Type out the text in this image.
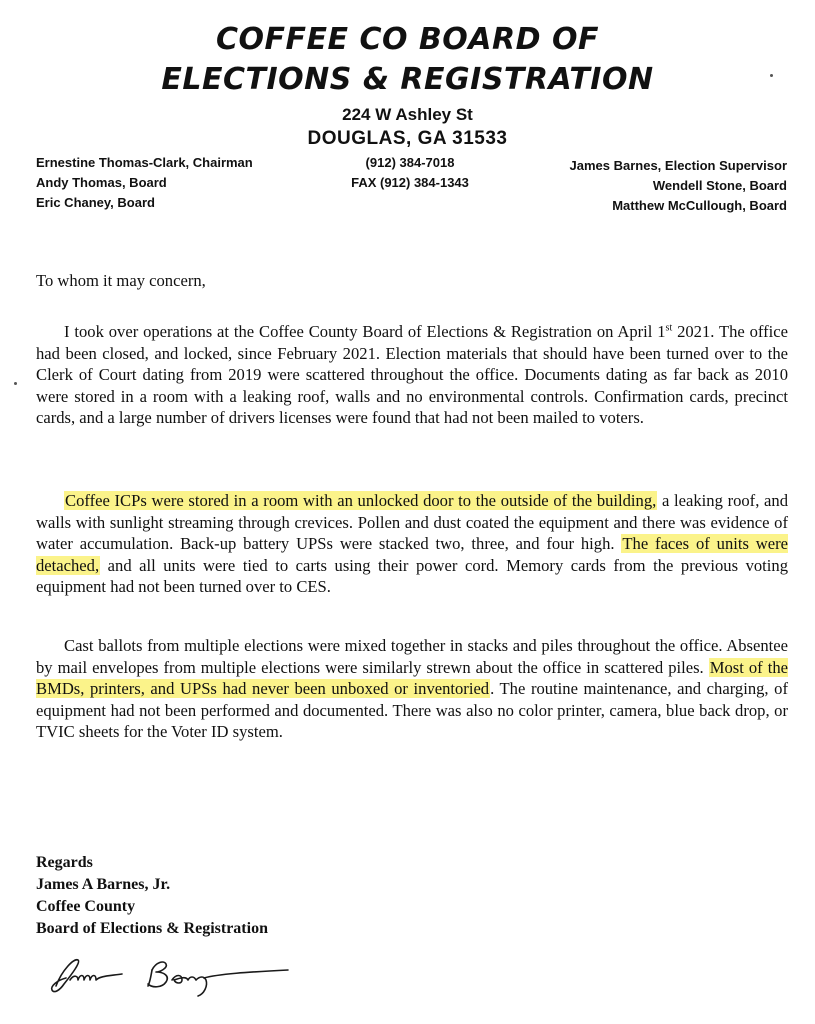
COFFEE CO BOARD OF
ELECTIONS & REGISTRATION
224 W Ashley St
DOUGLAS, GA 31533
Ernestine Thomas-Clark, Chairman
Andy Thomas, Board
Eric Chaney, Board
(912) 384-7018
FAX (912) 384-1343
James Barnes, Election Supervisor
Wendell Stone, Board
Matthew McCullough, Board
To whom it may concern,
I took over operations at the Coffee County Board of Elections & Registration on April 1st 2021. The office had been closed, and locked, since February 2021. Election materials that should have been turned over to the Clerk of Court dating from 2019 were scattered throughout the office. Documents dating as far back as 2010 were stored in a room with a leaking roof, walls and no environmental controls. Confirmation cards, precinct cards, and a large number of drivers licenses were found that had not been mailed to voters.
Coffee ICPs were stored in a room with an unlocked door to the outside of the building, a leaking roof, and walls with sunlight streaming through crevices. Pollen and dust coated the equipment and there was evidence of water accumulation. Back-up battery UPSs were stacked two, three, and four high. The faces of units were detached, and all units were tied to carts using their power cord. Memory cards from the previous voting equipment had not been turned over to CES.
Cast ballots from multiple elections were mixed together in stacks and piles throughout the office. Absentee by mail envelopes from multiple elections were similarly strewn about the office in scattered piles. Most of the BMDs, printers, and UPSs had never been unboxed or inventoried. The routine maintenance, and charging, of equipment had not been performed and documented. There was also no color printer, camera, blue back drop, or TVIC sheets for the Voter ID system.
Regards
James A Barnes, Jr.
Coffee County
Board of Elections & Registration
